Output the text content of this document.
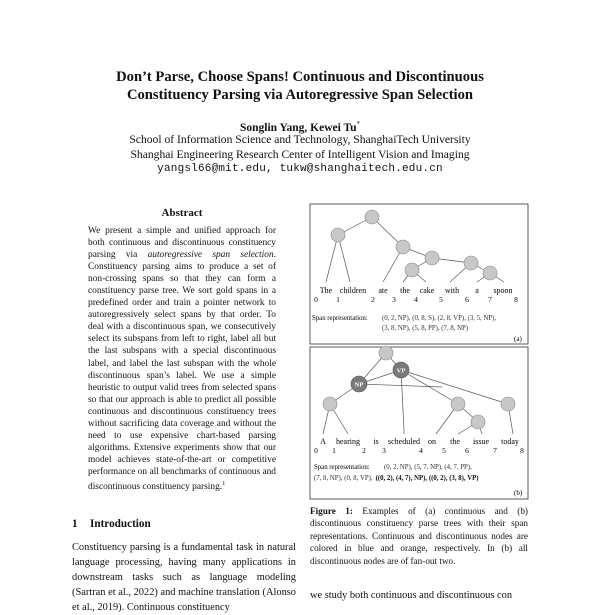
Don’t Parse, Choose Spans! Continuous and Discontinuous
Constituency Parsing via Autoregressive Span Selection
Songlin Yang, Kewei Tu*
School of Information Science and Technology, ShanghaiTech University
Shanghai Engineering Research Center of Intelligent Vision and Imaging
yangsl66@mit.edu, tukw@shanghaitech.edu.cn
Abstract
We present a simple and unified approach for both continuous and discontinuous constituency parsing via autoregressive span selection. Constituency parsing aims to produce a set of non-crossing spans so that they can form a constituency parse tree. We sort gold spans in a predefined order and train a pointer network to autoregressively select spans by that order. To deal with a discontinuous span, we consecutively select its subspans from left to right, label all but the last subspans with a special discontinuous label, and label the last subspan with the whole discontinuous span’s label. We use a simple heuristic to output valid trees from selected spans so that our approach is able to predict all possible continuous and discontinuous constituency trees without sacrificing data coverage and without the need to use expensive chart-based parsing algorithms. Extensive experiments show that our model achieves state-of-the-art or competitive performance on all benchmarks of continuous and discontinuous constituency parsing.$^1$
1 Introduction
Constituency parsing is a fundamental task in natural language processing, having many applications in downstream tasks such as language modeling (Sartran et al., 2022) and machine translation (Alonso et al., 2019). Continuous constituency
The children ate the cake with a spoon
0 1	2 3 4	5	6	7	8
Span representation: (0, 2, NP), (0, 8, S), (2, 8, VP), (3, 5, NP),
(3, 8, NP), (5, 8, PP), (7, 8, NP)
(a)
VP
NP
A hearing is scheduled on the issue today
0 1	2 3	4	5	6	7	8
Span representation: (0, 2, NP), (5, 7, NP), (4, 7, PP),
(7, 8, NP), (0, 8, VP), ((0, 2), (4, 7), NP), ((0, 2), (3, 8), VP)
(b)
Figure 1: Examples of (a) continuous and (b) discontinuous constituency parse trees with their span representations. Continuous and discontinuous nodes are colored in blue and orange, respectively. In (b) all discontinuous nodes are of fan-out two.
we study both continuous and discontinuous con
